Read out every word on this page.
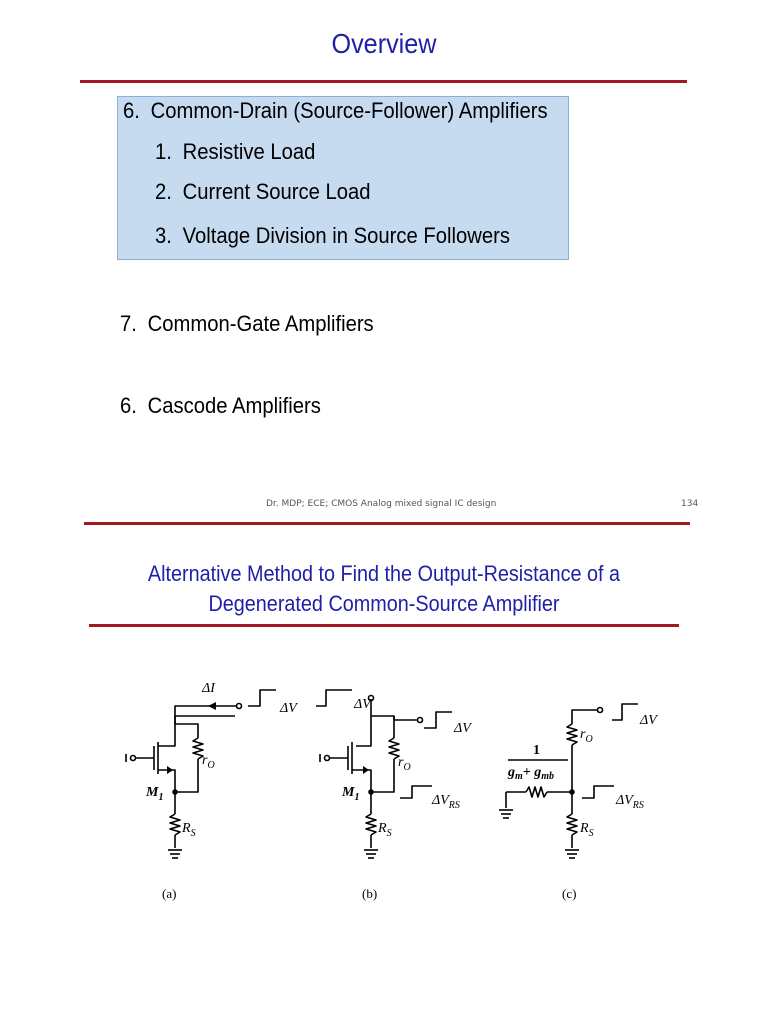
Overview
6. Common-Drain (Source-Follower) Amplifiers
1. Resistive Load
2. Current Source Load
3. Voltage Division in Source Followers
7. Common-Gate Amplifiers
6. Cascode Amplifiers
Dr. MDP; ECE; CMOS Analog mixed signal IC design	134
Alternative Method to Find the Output-Resistance of a
Degenerated Common-Source Amplifier
ΔI
ΔV
$r_O$
$M_1$
$R_S$
(a)
ΔV
ΔV
$r_O$
$M_1$	$\Delta V_{RS}$
$R_S$
(b)
ΔV
$r_O$
1
$g_m+ g_{mb}$
$\Delta V_{RS}$
$R_S$
(c)
